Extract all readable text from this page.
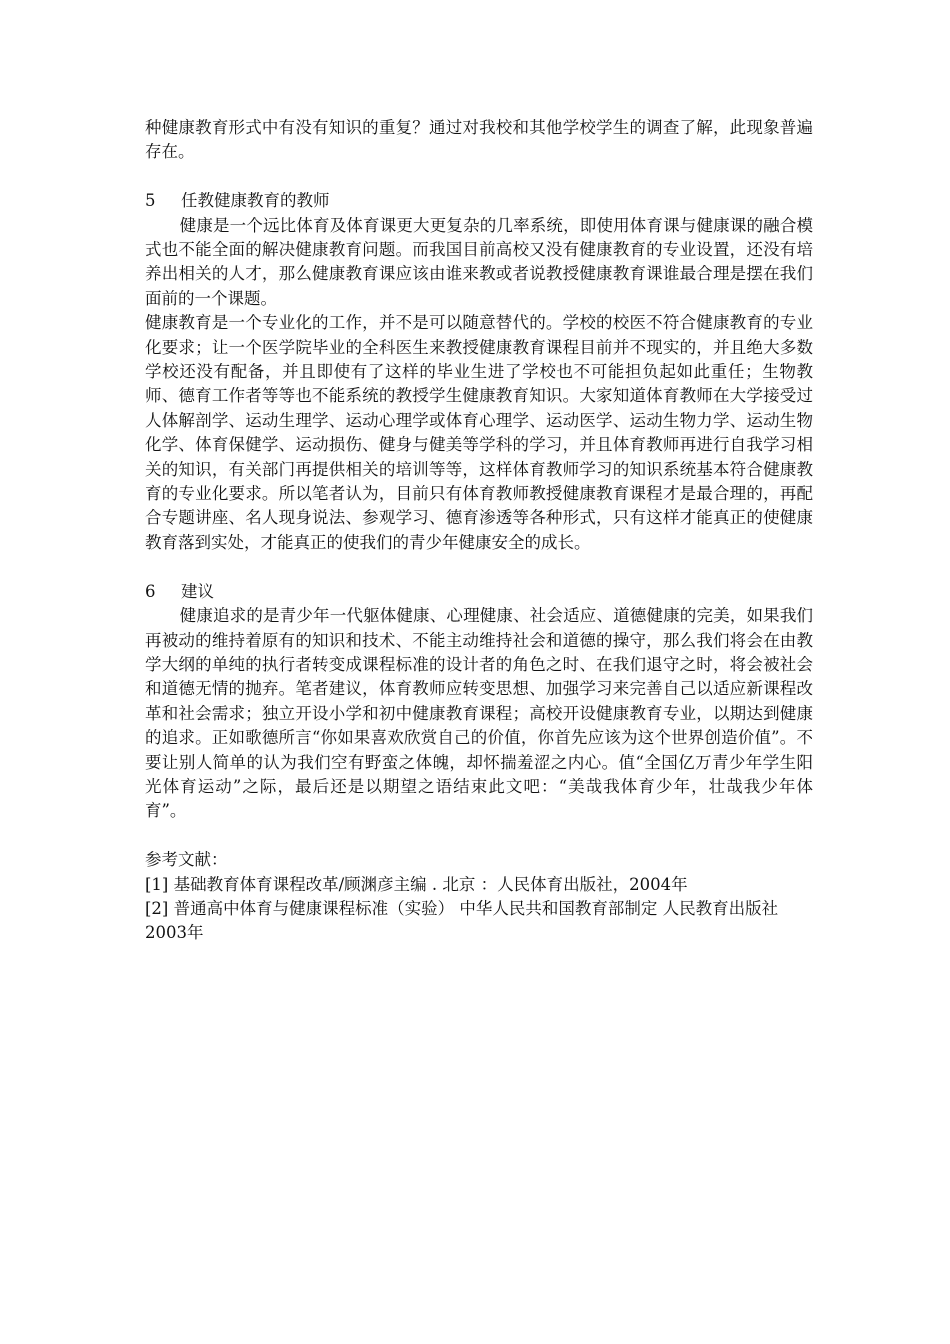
种健康教育形式中有没有知识的重复？通过对我校和其他学校学生的调查了解，此现象普遍存在。

5 任教健康教育的教师

健康是一个远比体育及体育课更大更复杂的几率系统，即使用体育课与健康课的融合模式也不能全面的解决健康教育问题。而我国目前高校又没有健康教育的专业设置，还没有培养出相关的人才，那么健康教育课应该由谁来教或者说教授健康教育课谁最合理是摆在我们面前的一个课题。

健康教育是一个专业化的工作，并不是可以随意替代的。学校的校医不符合健康教育的专业化要求；让一个医学院毕业的全科医生来教授健康教育课程目前并不现实的，并且绝大多数学校还没有配备，并且即使有了这样的毕业生进了学校也不可能担负起如此重任；生物教师、德育工作者等等也不能系统的教授学生健康教育知识。大家知道体育教师在大学接受过人体解剖学、运动生理学、运动心理学或体育心理学、运动医学、运动生物力学、运动生物化学、体育保健学、运动损伤、健身与健美等学科的学习，并且体育教师再进行自我学习相关的知识，有关部门再提供相关的培训等等，这样体育教师学习的知识系统基本符合健康教育的专业化要求。所以笔者认为，目前只有体育教师教授健康教育课程才是最合理的，再配合专题讲座、名人现身说法、参观学习、德育渗透等各种形式，只有这样才能真正的使健康教育落到实处，才能真正的使我们的青少年健康安全的成长。

6 建议

健康追求的是青少年一代躯体健康、心理健康、社会适应、道德健康的完美，如果我们再被动的维持着原有的知识和技术、不能主动维持社会和道德的操守，那么我们将会在由教学大纲的单纯的执行者转变成课程标准的设计者的角色之时、在我们退守之时，将会被社会和道德无情的抛弃。笔者建议，体育教师应转变思想、加强学习来完善自己以适应新课程改革和社会需求；独立开设小学和初中健康教育课程；高校开设健康教育专业，以期达到健康的追求。正如歌德所言“你如果喜欢欣赏自己的价值，你首先应该为这个世界创造价值”。不要让别人简单的认为我们空有野蛮之体魄，却怀揣羞涩之内心。值“全国亿万青少年学生阳光体育运动”之际，最后还是以期望之语结束此文吧：“美哉我体育少年，壮哉我少年体育”。

参考文献：

[1] 基础教育体育课程改革/顾渊彦主编 . 北京 ：人民体育出版社，2004年

[2] 普通高中体育与健康课程标准（实验） 中华人民共和国教育部制定 人民教育出版社 2003年
